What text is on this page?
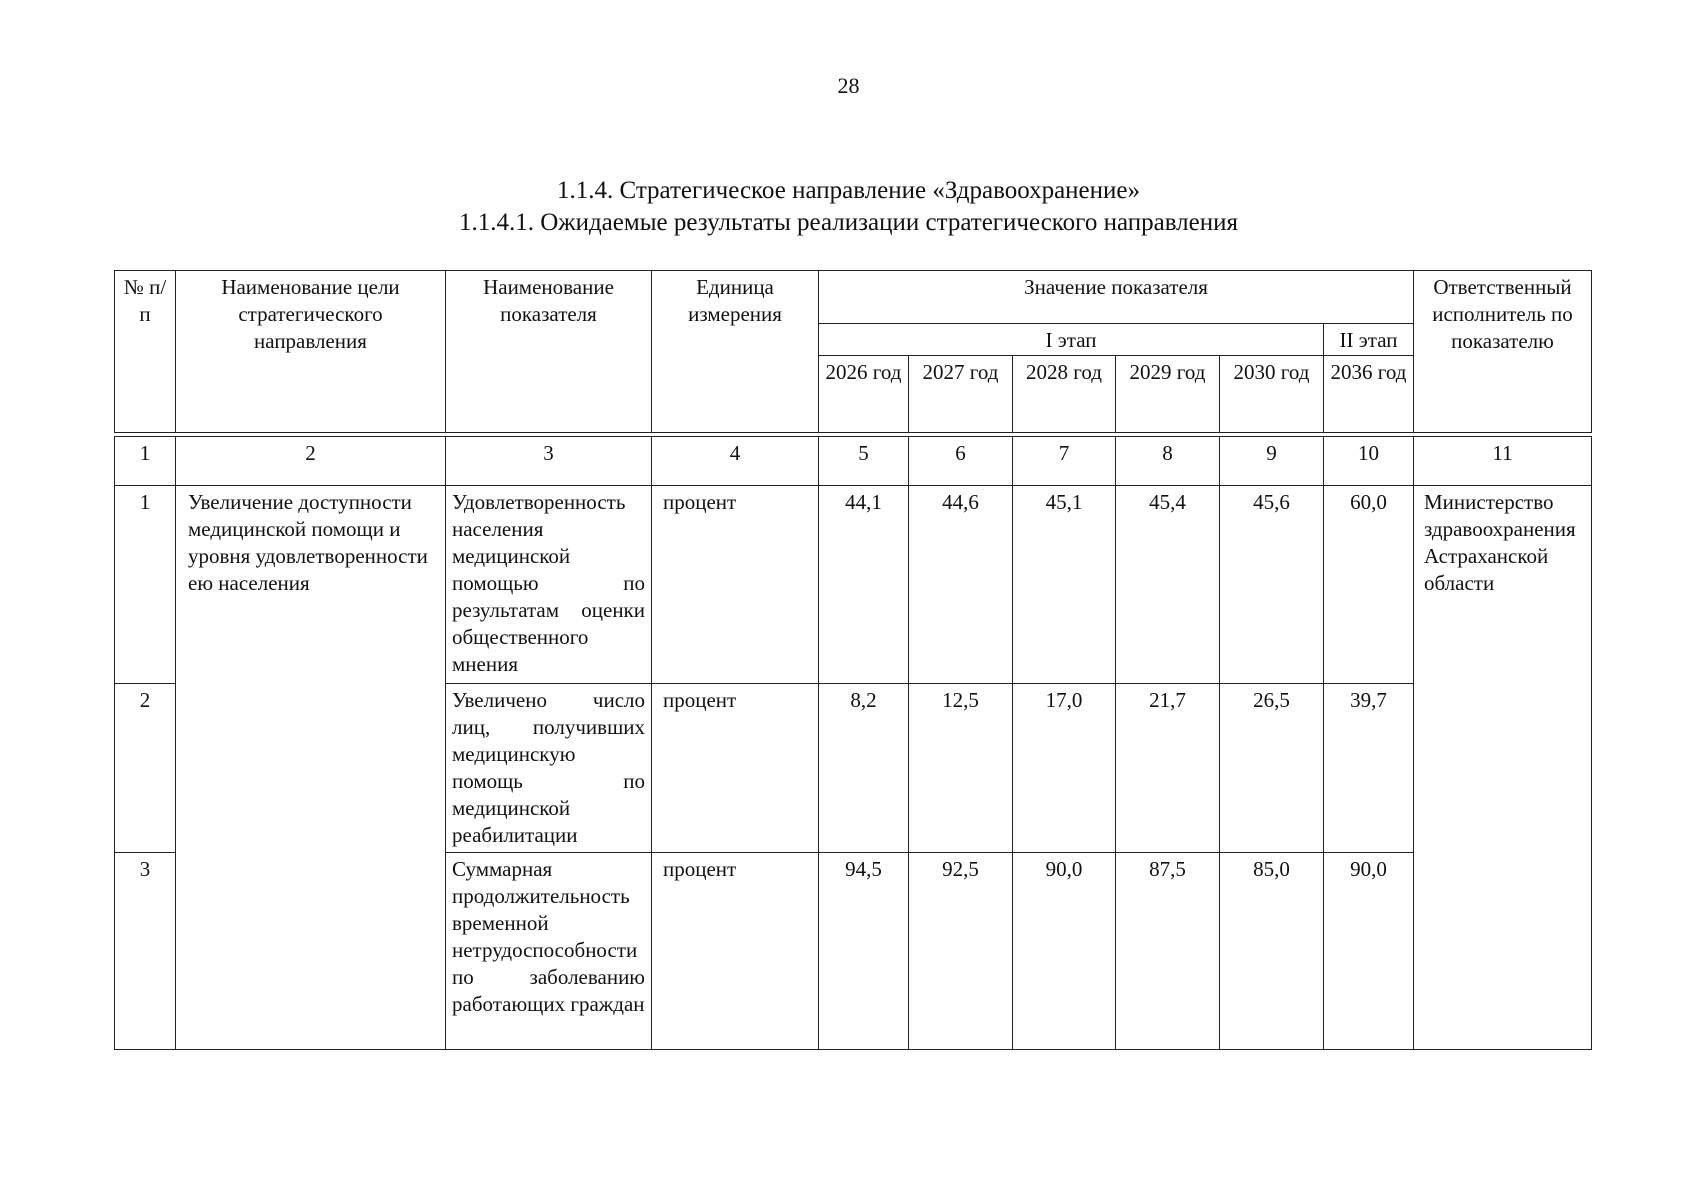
28
1.1.4. Стратегическое направление «Здравоохранение»
1.1.4.1. Ожидаемые результаты реализации стратегического направления
№ п/п	Наименование цели стратегического направления	Наименование показателя	Единица измерения	Значение показателя						Ответственный исполнитель по показателю
				I этап					II этап	
				2026 год	2027 год	2028 год	2029 год	2030 год	2036 год	
1	2	3	4	5	6	7	8	9	10	11
1	Увеличение доступности медицинской помощи и уровня удовлетворенности ею населения	Удовлетворенность населения медицинской помощью по результатам оценки общественного мнения	процент	44,1	44,6	45,1	45,4	45,6	60,0	Министерство здравоохранения Астраханской области
2		Увеличено число лиц, получивших медицинскую помощь по медицинской реабилитации	процент	8,2	12,5	17,0	21,7	26,5	39,7	
3		Суммарная продолжительность временной нетрудоспособности по заболеванию работающих граждан	процент	94,5	92,5	90,0	87,5	85,0	90,0	
